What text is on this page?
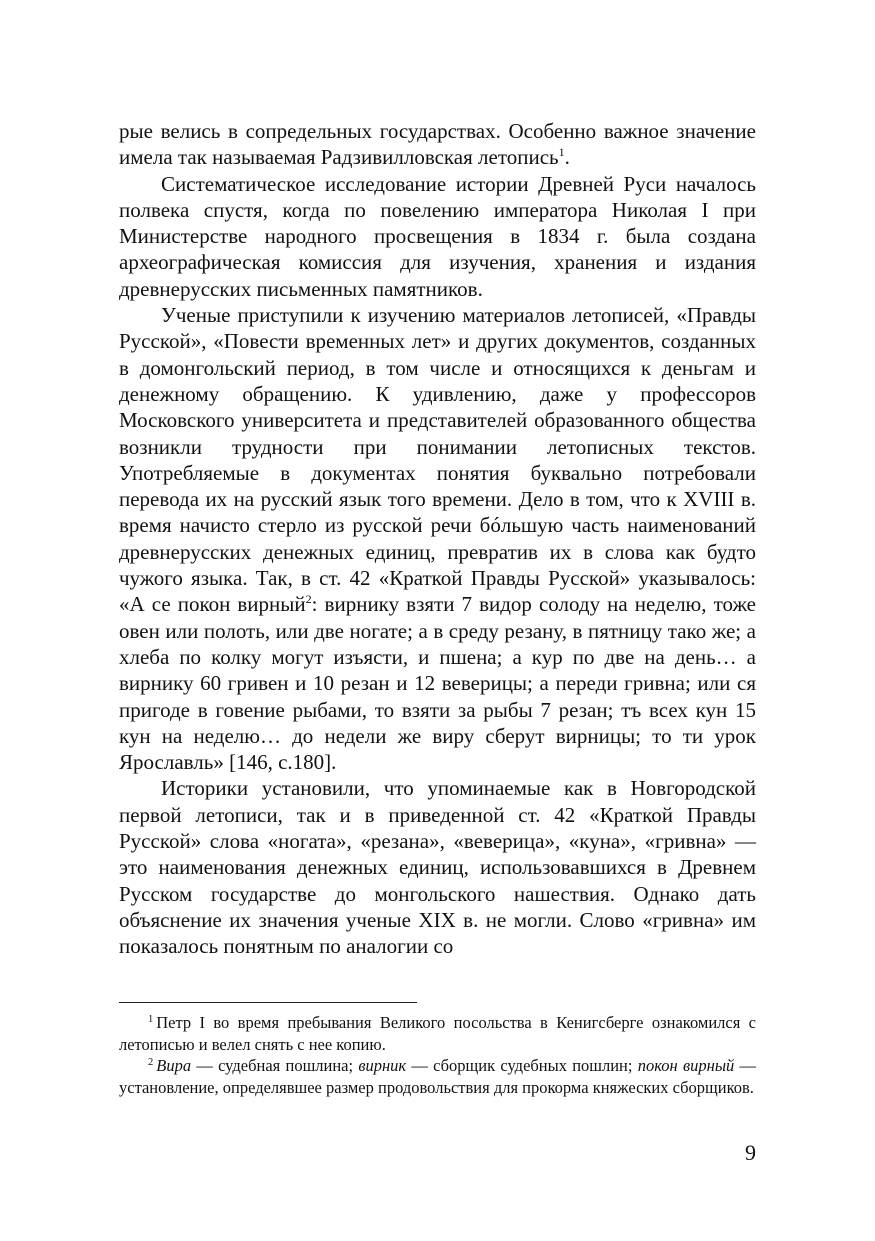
рые велись в сопредельных государствах. Особенно важное значение имела так называемая Радзивилловская летопись$^1$.

Систематическое исследование истории Древней Руси началось полвека спустя, когда по повелению императора Николая I при Министерстве народного просвещения в 1834 г. была создана археографическая комиссия для изучения, хранения и издания древнерусских письменных памятников.

Ученые приступили к изучению материалов летописей, «Правды Русской», «Повести временных лет» и других документов, созданных в домонгольский период, в том числе и относящихся к деньгам и денежному обращению. К удивлению, даже у профессоров Московского университета и представителей образованного общества возникли трудности при понимании летописных текстов. Употребляемые в документах понятия буквально потребовали перевода их на русский язык того времени. Дело в том, что к XVIII в. время начисто стерло из русской речи бóльшую часть наименований древнерусских денежных единиц, превратив их в слова как будто чужого языка. Так, в ст. 42 «Краткой Правды Русской» указывалось: «А се покон вирный$^2$: вирнику взяти 7 видор солоду на неделю, тоже овен или полоть, или две ногате; а в среду резану, в пятницу тако же; а хлеба по колку могут изъясти, и пшена; а кур по две на день… а вирнику 60 гривен и 10 резан и 12 веверицы; а переди гривна; или ся пригоде в говение рыбами, то взяти за рыбы 7 резан; тъ всех кун 15 кун на неделю… до недели же виру сберут вирницы; то ти урок Ярославль» [146, с.180].

Историки установили, что упоминаемые как в Новгородской первой летописи, так и в приведенной ст. 42 «Краткой Правды Русской» слова «ногата», «резана», «веверица», «куна», «гривна» — это наименования денежных единиц, использовавшихся в Древнем Русском государстве до монгольского нашествия. Однако дать объяснение их значения ученые XIX в. не могли. Слово «гривна» им показалось понятным по аналогии со

$^1$ Петр I во время пребывания Великого посольства в Кенигсберге ознакомился с летописью и велел снять с нее копию.

$^2$ Вира — судебная пошлина; вирник — сборщик судебных пошлин; покон вирный — установление, определявшее размер продовольствия для прокорма княжеских сборщиков.

9
